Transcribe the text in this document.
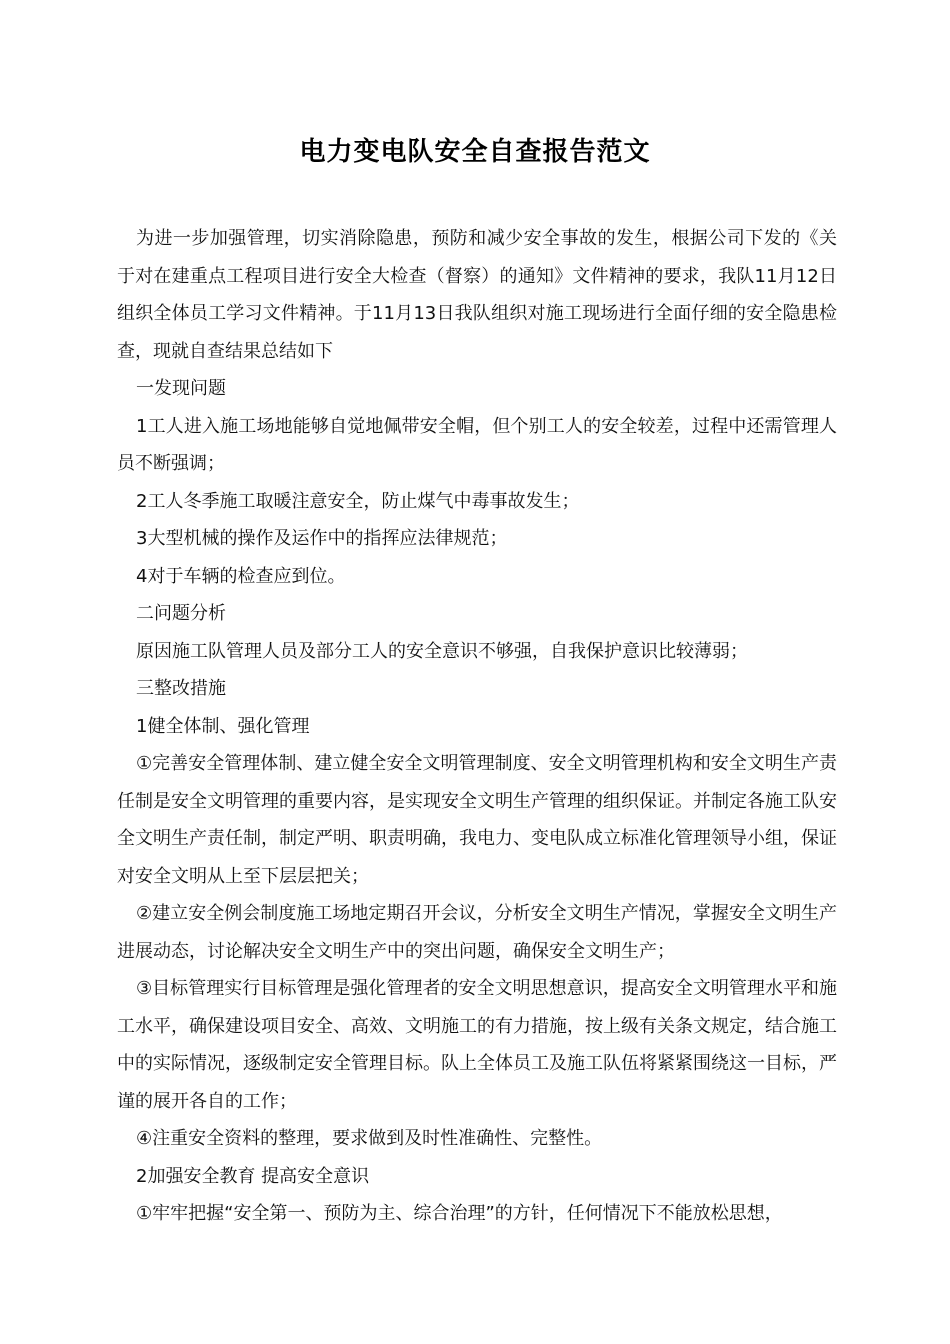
电力变电队安全自查报告范文

为进一步加强管理，切实消除隐患，预防和减少安全事故的发生，根据公司下发的《关于对在建重点工程项目进行安全大检查（督察）的通知》文件精神的要求，我队11月12日组织全体员工学习文件精神。于11月13日我队组织对施工现场进行全面仔细的安全隐患检查，现就自查结果总结如下

一发现问题

1工人进入施工场地能够自觉地佩带安全帽，但个别工人的安全较差，过程中还需管理人员不断强调；

2工人冬季施工取暖注意安全，防止煤气中毒事故发生；

3大型机械的操作及运作中的指挥应法律规范；

4对于车辆的检查应到位。

二问题分析

原因施工队管理人员及部分工人的安全意识不够强，自我保护意识比较薄弱；

三整改措施

1健全体制、强化管理

①完善安全管理体制、建立健全安全文明管理制度、安全文明管理机构和安全文明生产责任制是安全文明管理的重要内容，是实现安全文明生产管理的组织保证。并制定各施工队安全文明生产责任制，制定严明、职责明确，我电力、变电队成立标准化管理领导小组，保证对安全文明从上至下层层把关；

②建立安全例会制度施工场地定期召开会议，分析安全文明生产情况，掌握安全文明生产进展动态，讨论解决安全文明生产中的突出问题，确保安全文明生产；

③目标管理实行目标管理是强化管理者的安全文明思想意识，提高安全文明管理水平和施工水平，确保建设项目安全、高效、文明施工的有力措施，按上级有关条文规定，结合施工中的实际情况，逐级制定安全管理目标。队上全体员工及施工队伍将紧紧围绕这一目标，严谨的展开各自的工作；

④注重安全资料的整理，要求做到及时性准确性、完整性。

2加强安全教育 提高安全意识

①牢牢把握“安全第一、预防为主、综合治理”的方针，任何情况下不能放松思想，
